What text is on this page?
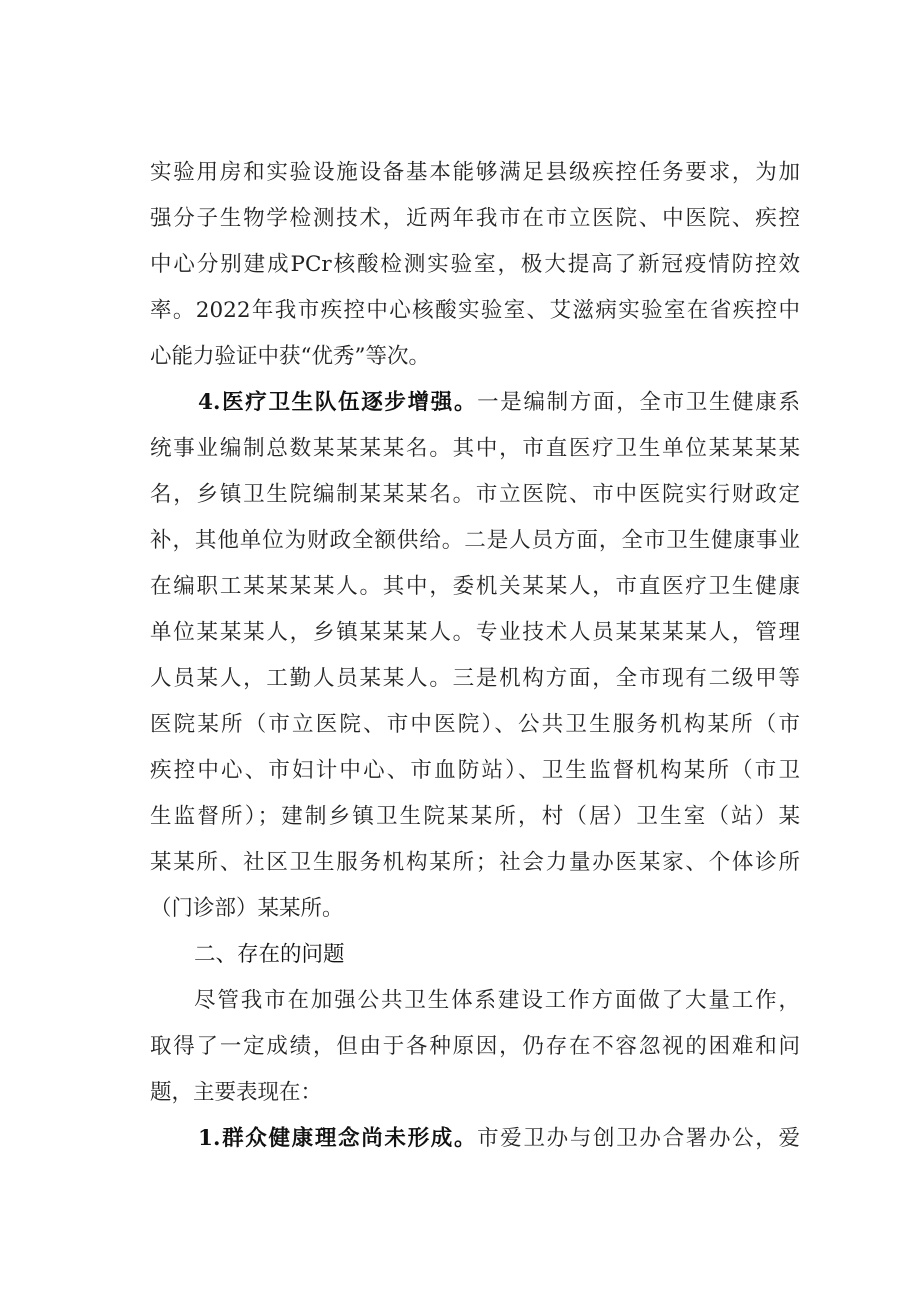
实验用房和实验设施设备基本能够满足县级疾控任务要求，为加
强分子生物学检测技术，近两年我市在市立医院、中医院、疾控
中心分别建成PCr核酸检测实验室，极大提高了新冠疫情防控效
率。2022年我市疾控中心核酸实验室、艾滋病实验室在省疾控中
心能力验证中获“优秀”等次。
4.医疗卫生队伍逐步增强。一是编制方面，全市卫生健康系
统事业编制总数某某某某名。其中，市直医疗卫生单位某某某某
名，乡镇卫生院编制某某某名。市立医院、市中医院实行财政定
补，其他单位为财政全额供给。二是人员方面，全市卫生健康事业
在编职工某某某某人。其中，委机关某某人，市直医疗卫生健康
单位某某某人，乡镇某某某人。专业技术人员某某某某人，管理
人员某人，工勤人员某某人。三是机构方面，全市现有二级甲等
医院某所（市立医院、市中医院）、公共卫生服务机构某所（市
疾控中心、市妇计中心、市血防站）、卫生监督机构某所（市卫
生监督所）；建制乡镇卫生院某某所，村（居）卫生室（站）某
某某所、社区卫生服务机构某所；社会力量办医某家、个体诊所
（门诊部）某某所。
二、存在的问题
尽管我市在加强公共卫生体系建设工作方面做了大量工作，
取得了一定成绩，但由于各种原因，仍存在不容忽视的困难和问
题，主要表现在：
1.群众健康理念尚未形成。市爱卫办与创卫办合署办公，爱
